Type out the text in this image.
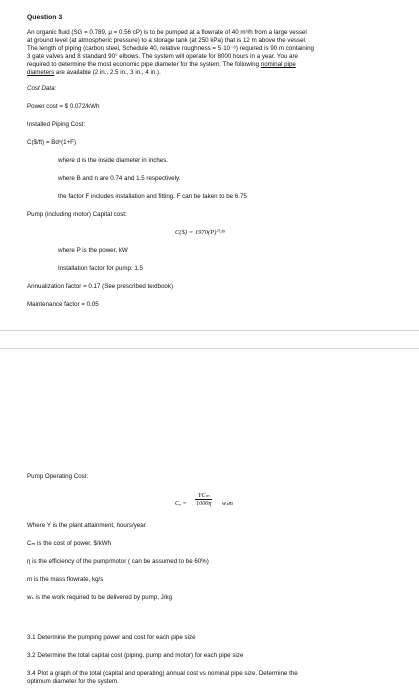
Question 3
An organic fluid (SG = 0.789, μ = 0.56 cP) is to be pumped at a flowrate of 40 m³/h from a large vessel
at ground level (at atmospheric pressure) to a storage tank (at 250 kPa) that is 12 m above the vessel.
The length of piping (carbon steel, Schedule 40, relative roughness = 5·10⁻⁶) required is 90 m containing
3 gate valves and 8 standard 90° elbows. The system will operate for 8000 hours in a year. You are
required to determine the most economic pipe diameter for the system. The following nominal pipe
diameters are available (2 in., 2.5 in., 3 in., 4 in.).
Cost Data:
Power cost = $ 0.072/kWh
Installed Piping Cost:
C($/ft) = Bdⁿ(1+F)
where d is the inside diameter in inches.
where B and n are 0.74 and 1.5 respectively.
the factor F includes installation and fitting. F can be taken to be 6.75
Pump (including motor) Capital cost:
C($) = 1970(P)⁰·³⁵
where P is the power, kW
Installation factor for pump: 1.5
Annualization factor = 0.17 (See prescribed textbook)
Maintenance factor = 0.05
Pump Operating Cost:
Cₒ =
YCₘ
1000η wₛm
Where Y is the plant attainment, hours/year
Cₘ is the cost of power, $/kWh
η is the efficiency of the pump/motor ( can be assumed to be 60%)
m is the mass flowrate, kg/s
wₛ is the work required to be delivered by pump, J/kg
3.1 Determine the pumping power and cost for each pipe size
3.2 Determine the total capital cost (piping, pump and motor) for each pipe size
3.4 Plot a graph of the total (capital and operating) annual cost vs nominal pipe size. Determine the
optimum diameter for the system.
